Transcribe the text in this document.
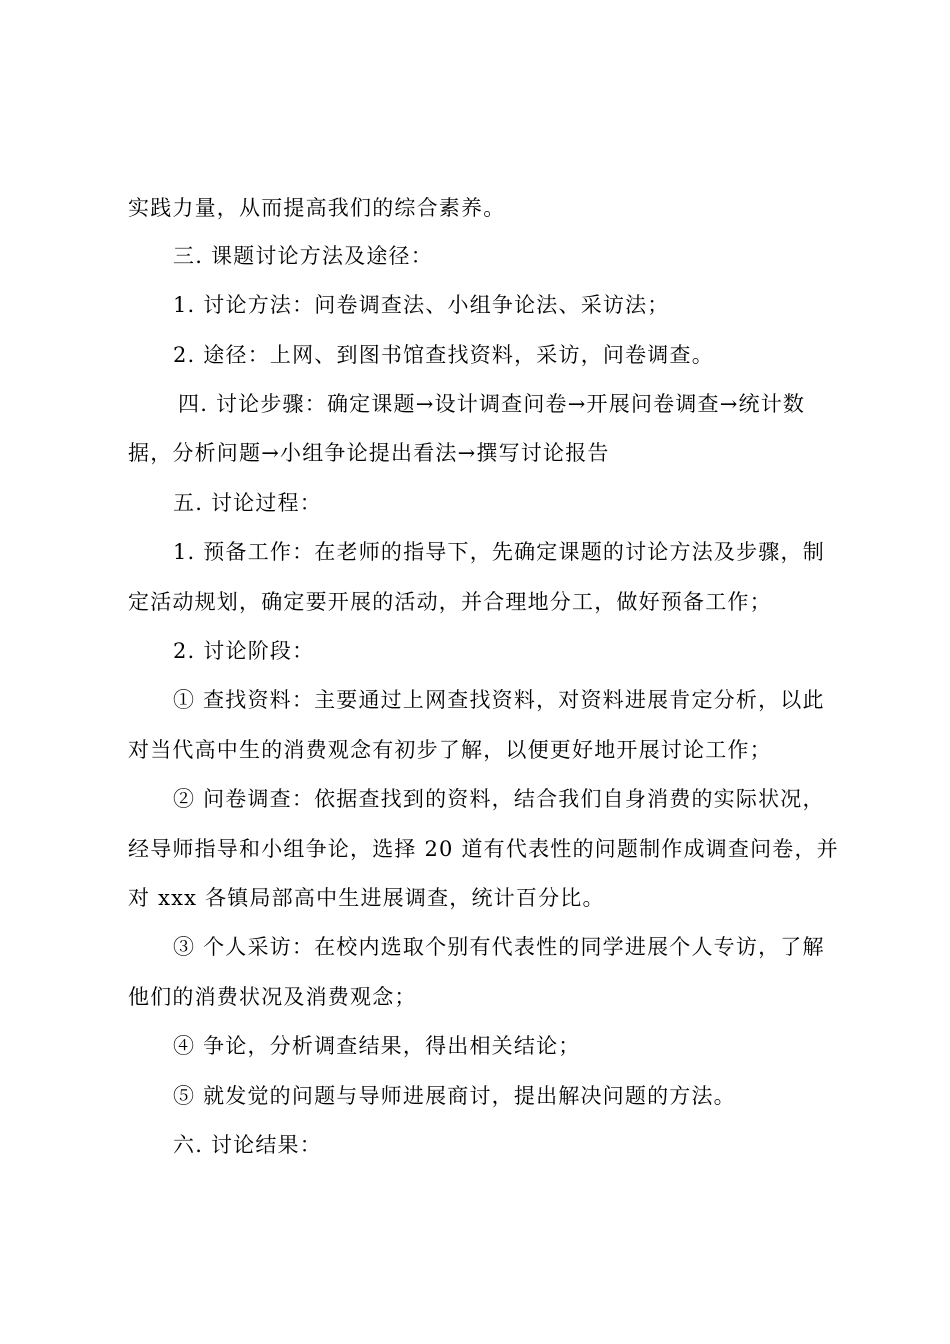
实践力量，从而提高我们的综合素养。
三. 课题讨论方法及途径：
1. 讨论方法：问卷调查法、小组争论法、采访法；
2. 途径：上网、到图书馆查找资料，采访，问卷调查。
四. 讨论步骤：确定课题→设计调查问卷→开展问卷调查→统计数
据，分析问题→小组争论提出看法→撰写讨论报告
五. 讨论过程：
1. 预备工作：在老师的指导下，先确定课题的讨论方法及步骤，制
定活动规划，确定要开展的活动，并合理地分工，做好预备工作；
2. 讨论阶段：
① 查找资料：主要通过上网查找资料，对资料进展肯定分析，以此
对当代高中生的消费观念有初步了解，以便更好地开展讨论工作；
② 问卷调查：依据查找到的资料，结合我们自身消费的实际状况，
经导师指导和小组争论，选择 20 道有代表性的问题制作成调查问卷，并
对 xxx 各镇局部高中生进展调查，统计百分比。
③ 个人采访：在校内选取个别有代表性的同学进展个人专访，了解
他们的消费状况及消费观念；
④ 争论，分析调查结果，得出相关结论；
⑤ 就发觉的问题与导师进展商讨，提出解决问题的方法。
六. 讨论结果：
